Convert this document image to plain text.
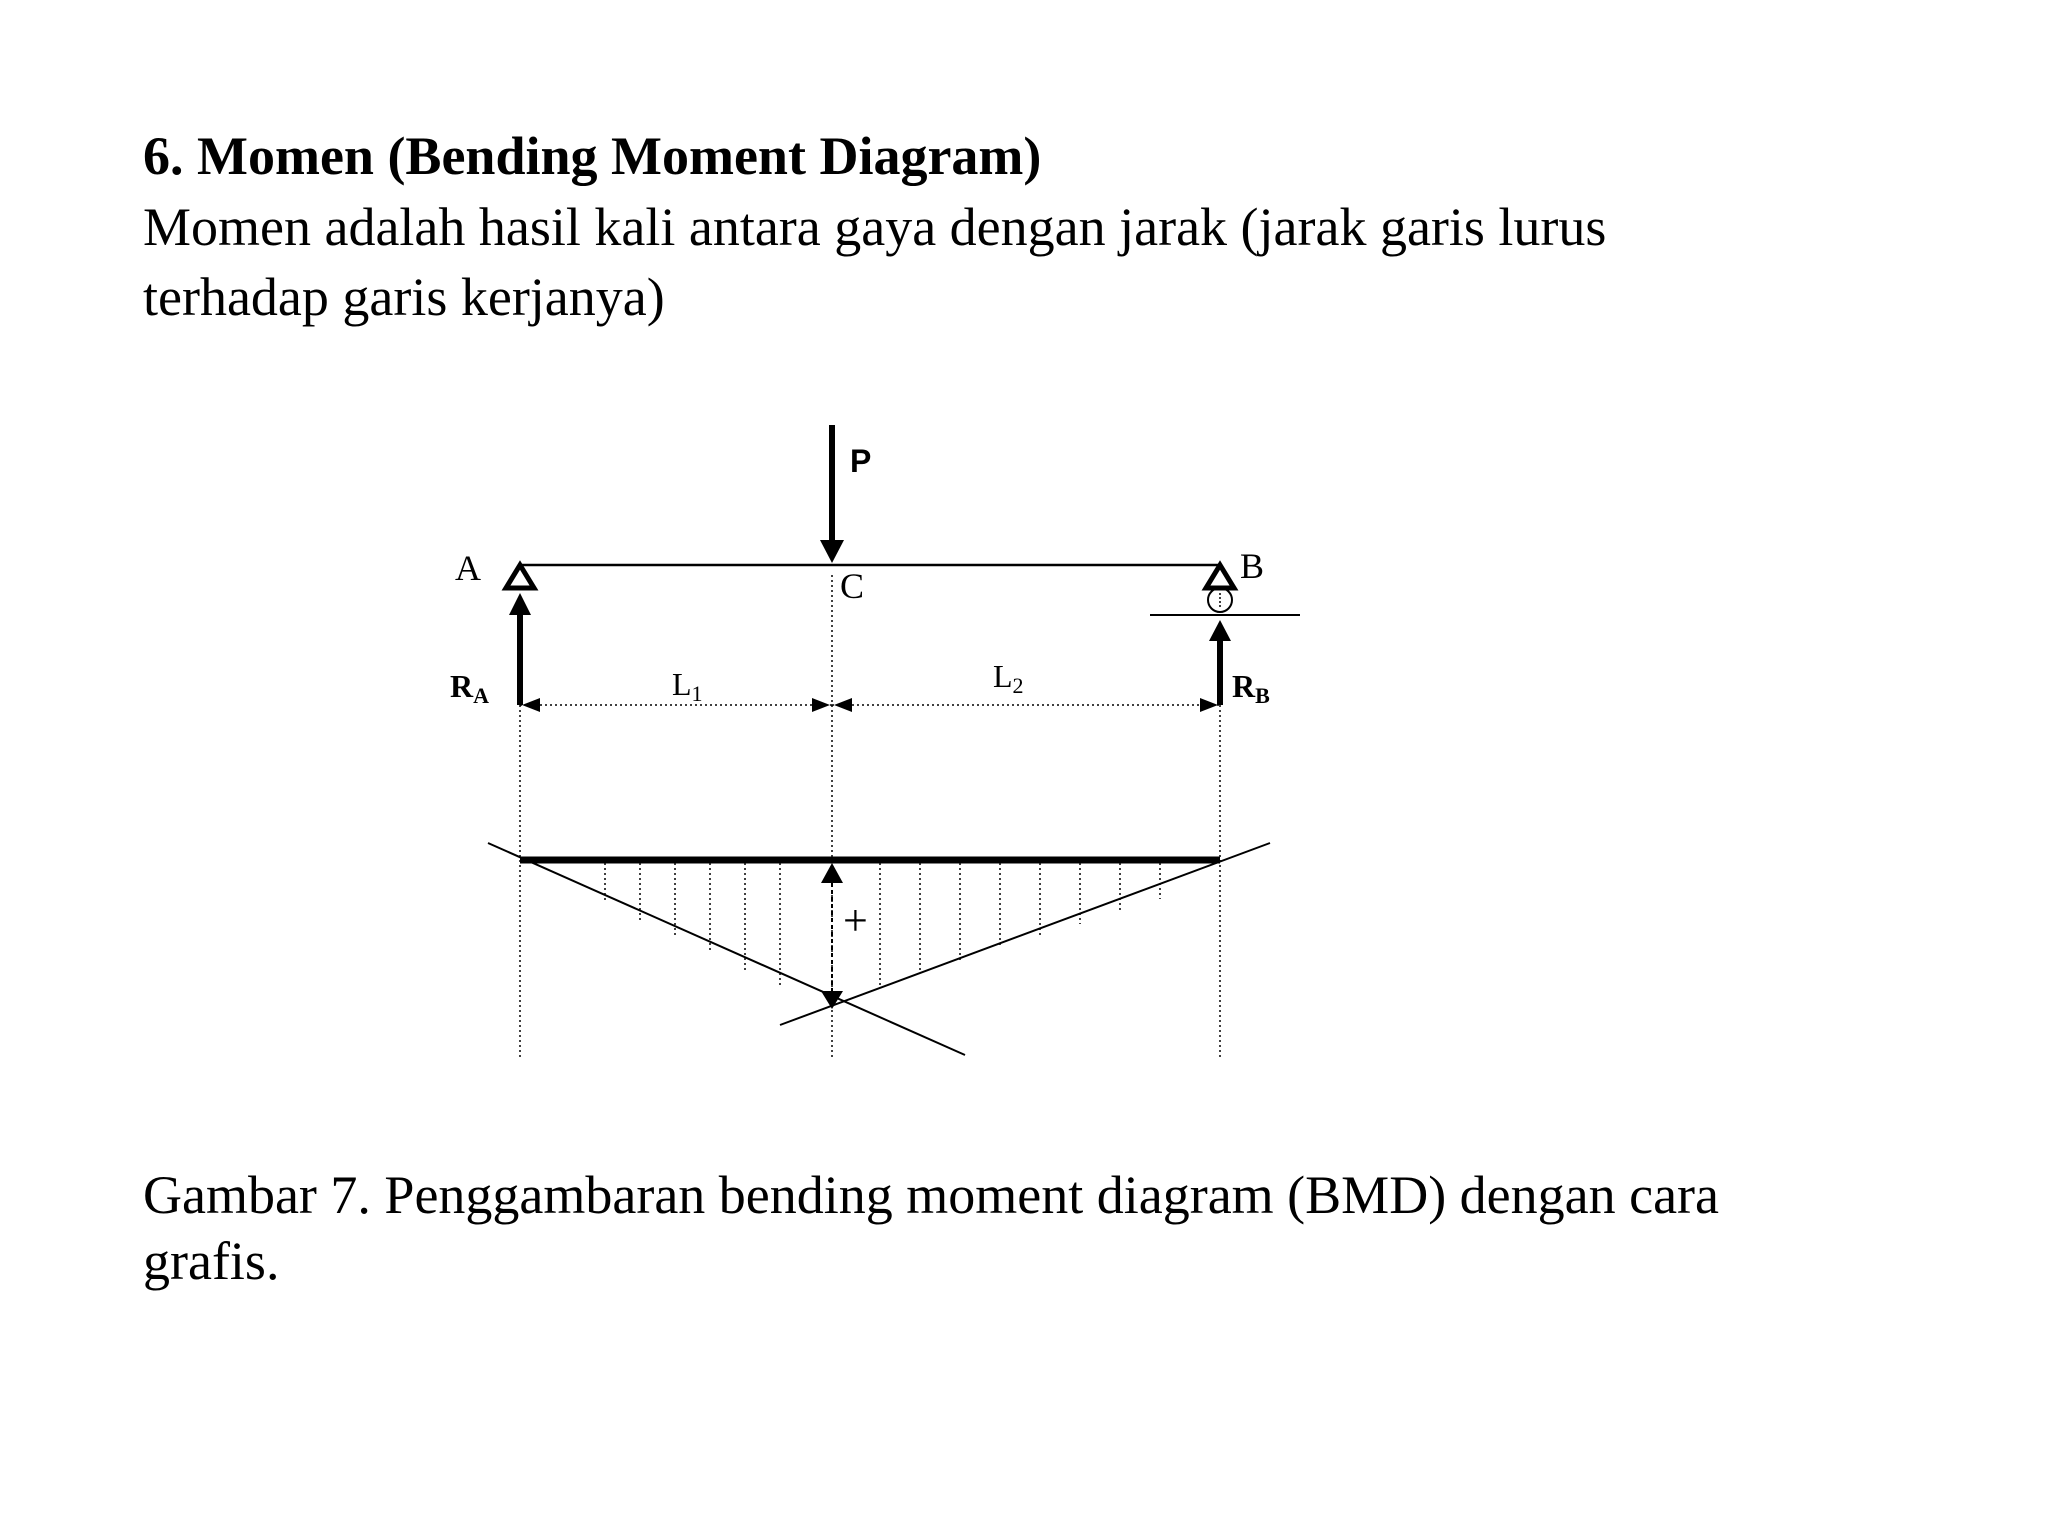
6. Momen (Bending Moment Diagram)

Momen adalah hasil kali antara gaya dengan jarak (jarak garis lurus
terhadap garis kerjanya)

P
A	B
C
RA	RB
L1	L2
+

Gambar 7. Penggambaran bending moment diagram (BMD) dengan cara
grafis.
